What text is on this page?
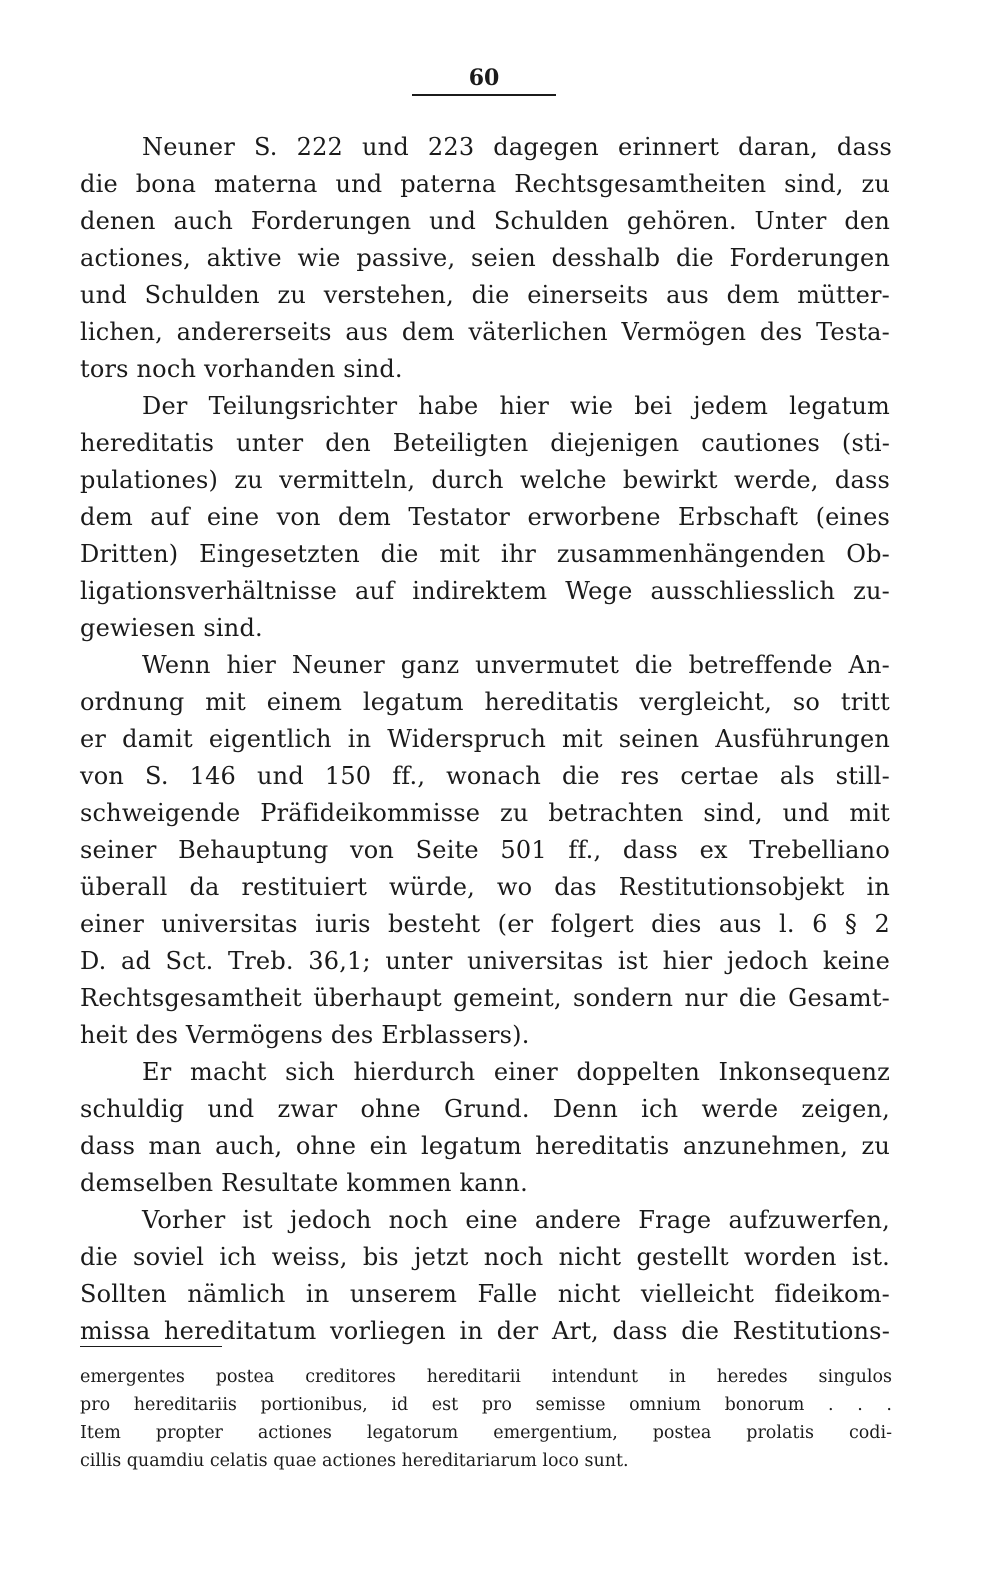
60
Neuner S. 222 und 223 dagegen erinnert daran, dass
die bona materna und paterna Rechtsgesamtheiten sind, zu
denen auch Forderungen und Schulden gehören. Unter den
actiones, aktive wie passive, seien desshalb die Forderungen
und Schulden zu verstehen, die einerseits aus dem mütter-
lichen, andererseits aus dem väterlichen Vermögen des Testa-
tors noch vorhanden sind.
Der Teilungsrichter habe hier wie bei jedem legatum
hereditatis unter den Beteiligten diejenigen cautiones (sti-
pulationes) zu vermitteln, durch welche bewirkt werde, dass
dem auf eine von dem Testator erworbene Erbschaft (eines
Dritten) Eingesetzten die mit ihr zusammenhängenden Ob-
ligationsverhältnisse auf indirektem Wege ausschliesslich zu-
gewiesen sind.
Wenn hier Neuner ganz unvermutet die betreffende An-
ordnung mit einem legatum hereditatis vergleicht, so tritt
er damit eigentlich in Widerspruch mit seinen Ausführungen
von S. 146 und 150 ff., wonach die res certae als still-
schweigende Präfideikommisse zu betrachten sind, und mit
seiner Behauptung von Seite 501 ff., dass ex Trebelliano
überall da restituiert würde, wo das Restitutionsobjekt in
einer universitas iuris besteht (er folgert dies aus l. 6 § 2
D. ad Sct. Treb. 36,1; unter universitas ist hier jedoch keine
Rechtsgesamtheit überhaupt gemeint, sondern nur die Gesamt-
heit des Vermögens des Erblassers).
Er macht sich hierdurch einer doppelten Inkonsequenz
schuldig und zwar ohne Grund. Denn ich werde zeigen,
dass man auch, ohne ein legatum hereditatis anzunehmen, zu
demselben Resultate kommen kann.
Vorher ist jedoch noch eine andere Frage aufzuwerfen,
die soviel ich weiss, bis jetzt noch nicht gestellt worden ist.
Sollten nämlich in unserem Falle nicht vielleicht fideikom-
missa hereditatum vorliegen in der Art, dass die Restitutions-
emergentes postea creditores hereditarii intendunt in heredes singulos
pro hereditariis portionibus, id est pro semisse omnium bonorum . . .
Item propter actiones legatorum emergentium, postea prolatis codi-
cillis quamdiu celatis quae actiones hereditariarum loco sunt.
